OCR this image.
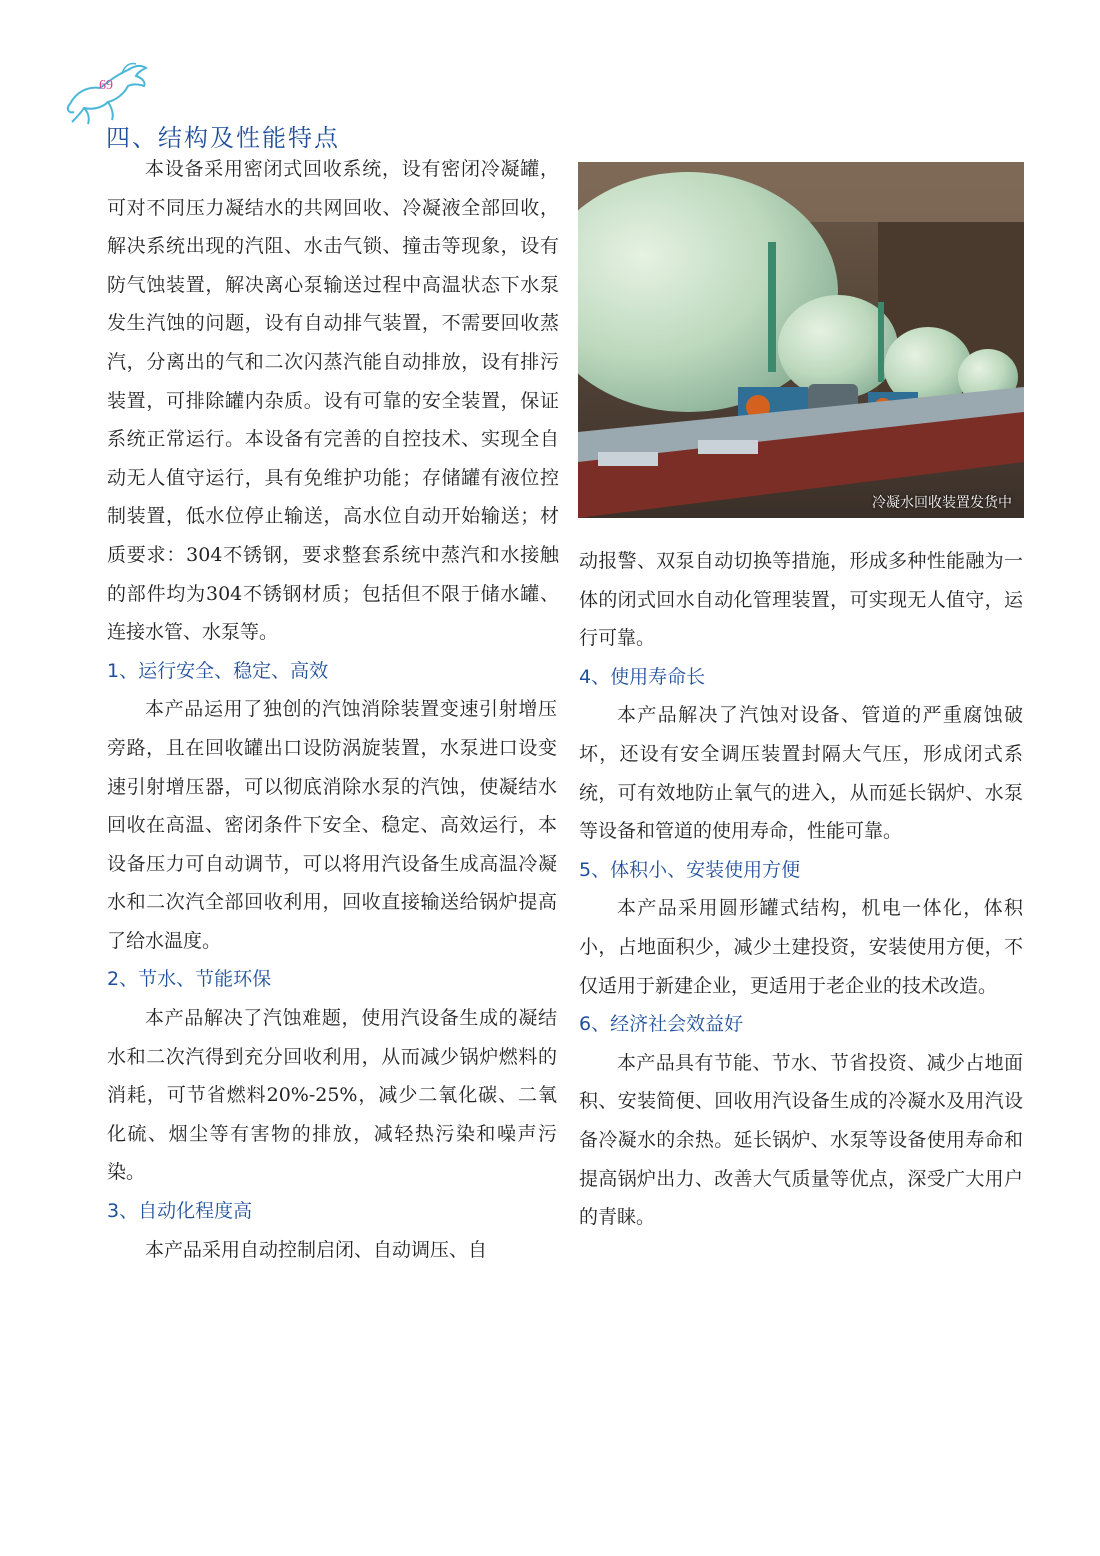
69
四、结构及性能特点
冷凝水回收装置发货中

本设备采用密闭式回收系统，设有密闭冷凝罐，可对不同压力凝结水的共网回收、冷凝液全部回收，解决系统出现的汽阻、水击气锁、撞击等现象，设有防气蚀装置，解决离心泵输送过程中高温状态下水泵发生汽蚀的问题，设有自动排气装置，不需要回收蒸汽，分离出的气和二次闪蒸汽能自动排放，设有排污装置，可排除罐内杂质。设有可靠的安全装置，保证系统正常运行。本设备有完善的自控技术、实现全自动无人值守运行，具有免维护功能；存储罐有液位控制装置，低水位停止输送，高水位自动开始输送；材质要求：304不锈钢，要求整套系统中蒸汽和水接触的部件均为304不锈钢材质；包括但不限于储水罐、连接水管、水泵等。

1、运行安全、稳定、高效

本产品运用了独创的汽蚀消除装置变速引射增压旁路，且在回收罐出口设防涡旋装置，水泵进口设变速引射增压器，可以彻底消除水泵的汽蚀，使凝结水回收在高温、密闭条件下安全、稳定、高效运行，本设备压力可自动调节，可以将用汽设备生成高温冷凝水和二次汽全部回收利用，回收直接输送给锅炉提高了给水温度。

2、节水、节能环保

本产品解决了汽蚀难题，使用汽设备生成的凝结水和二次汽得到充分回收利用，从而减少锅炉燃料的消耗，可节省燃料20%-25%，减少二氧化碳、二氧化硫、烟尘等有害物的排放，减轻热污染和噪声污染。

3、自动化程度高

本产品采用自动控制启闭、自动调压、自

动报警、双泵自动切换等措施，形成多种性能融为一体的闭式回水自动化管理装置，可实现无人值守，运行可靠。

4、使用寿命长

本产品解决了汽蚀对设备、管道的严重腐蚀破坏，还设有安全调压装置封隔大气压，形成闭式系统，可有效地防止氧气的进入，从而延长锅炉、水泵等设备和管道的使用寿命，性能可靠。

5、体积小、安装使用方便

本产品采用圆形罐式结构，机电一体化，体积小，占地面积少，减少土建投资，安装使用方便，不仅适用于新建企业，更适用于老企业的技术改造。

6、经济社会效益好

本产品具有节能、节水、节省投资、减少占地面积、安装简便、回收用汽设备生成的冷凝水及用汽设备冷凝水的余热。延长锅炉、水泵等设备使用寿命和提高锅炉出力、改善大气质量等优点，深受广大用户的青睐。
